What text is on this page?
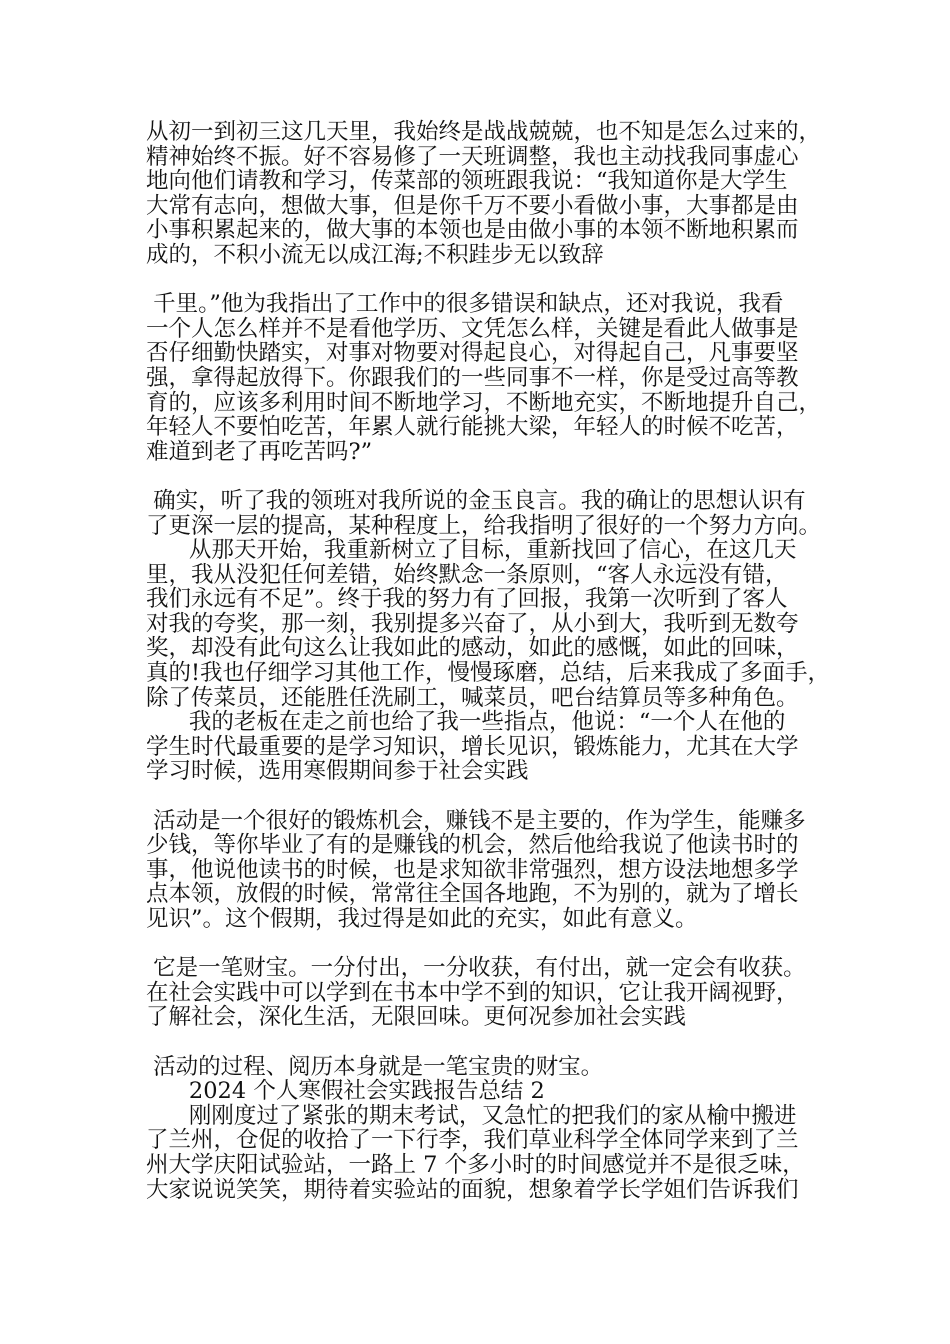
从初一到初三这几天里，我始终是战战兢兢，也不知是怎么过来的，
精神始终不振。好不容易修了一天班调整，我也主动找我同事虚心
地向他们请教和学习，传菜部的领班跟我说：“我知道你是大学生
大常有志向，想做大事，但是你千万不要小看做小事，大事都是由
小事积累起来的，做大事的本领也是由做小事的本领不断地积累而
成的，不积小流无以成江海;不积跬步无以致辞
千里。”他为我指出了工作中的很多错误和缺点，还对我说，我看
一个人怎么样并不是看他学历、文凭怎么样，关键是看此人做事是
否仔细勤快踏实，对事对物要对得起良心，对得起自己，凡事要坚
强，拿得起放得下。你跟我们的一些同事不一样，你是受过高等教
育的，应该多利用时间不断地学习，不断地充实，不断地提升自己，
年轻人不要怕吃苦，年累人就行能挑大梁，年轻人的时候不吃苦，
难道到老了再吃苦吗?”
确实，听了我的领班对我所说的金玉良言。我的确让的思想认识有
了更深一层的提高，某种程度上，给我指明了很好的一个努力方向。
从那天开始，我重新树立了目标，重新找回了信心，在这几天
里，我从没犯任何差错，始终默念一条原则，“客人永远没有错，
我们永远有不足”。终于我的努力有了回报，我第一次听到了客人
对我的夸奖，那一刻，我别提多兴奋了，从小到大，我听到无数夸
奖，却没有此句这么让我如此的感动，如此的感慨，如此的回味，
真的!我也仔细学习其他工作，慢慢琢磨，总结，后来我成了多面手，
除了传菜员，还能胜任洗刷工，喊菜员，吧台结算员等多种角色。
我的老板在走之前也给了我一些指点，他说：“一个人在他的
学生时代最重要的是学习知识，增长见识，锻炼能力，尤其在大学
学习时候，选用寒假期间参于社会实践
活动是一个很好的锻炼机会，赚钱不是主要的，作为学生，能赚多
少钱，等你毕业了有的是赚钱的机会，然后他给我说了他读书时的
事，他说他读书的时候，也是求知欲非常强烈，想方设法地想多学
点本领，放假的时候，常常往全国各地跑，不为别的，就为了增长
见识”。这个假期，我过得是如此的充实，如此有意义。
它是一笔财宝。一分付出，一分收获，有付出，就一定会有收获。
在社会实践中可以学到在书本中学不到的知识，它让我开阔视野，
了解社会，深化生活，无限回味。更何况参加社会实践
活动的过程、阅历本身就是一笔宝贵的财宝。
2024 个人寒假社会实践报告总结 2
刚刚度过了紧张的期末考试，又急忙的把我们的家从榆中搬进
了兰州，仓促的收拾了一下行李，我们草业科学全体同学来到了兰
州大学庆阳试验站，一路上 7 个多小时的时间感觉并不是很乏味，
大家说说笑笑，期待着实验站的面貌，想象着学长学姐们告诉我们
